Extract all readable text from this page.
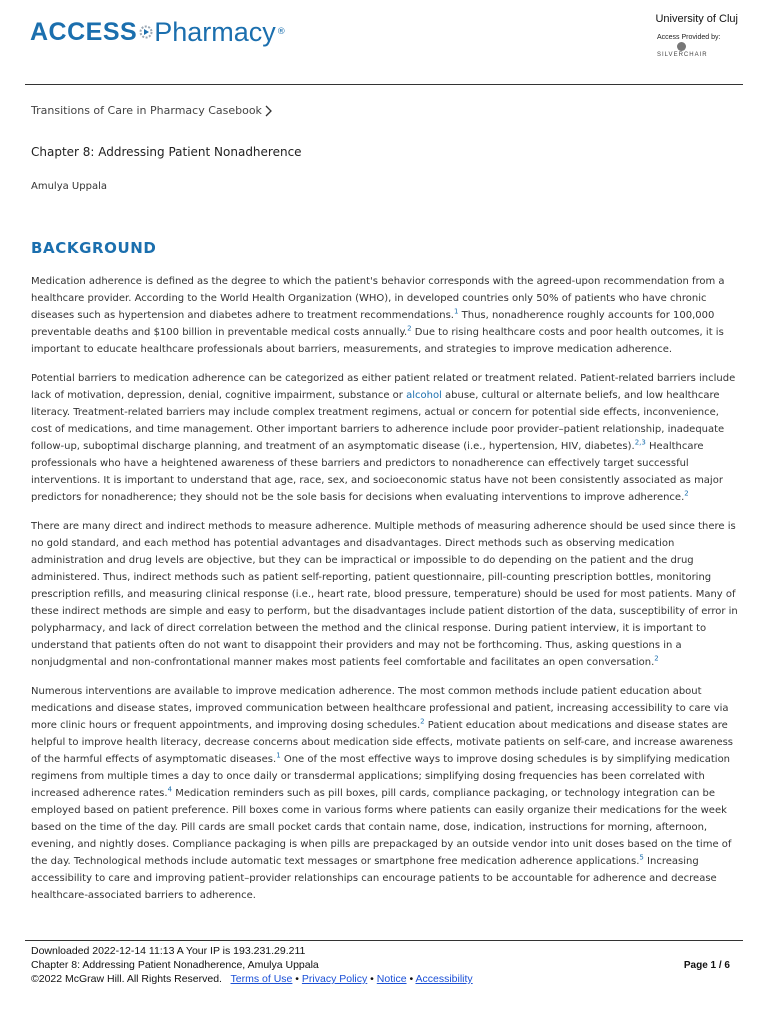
ACCESS Pharmacy ®
University of Cluj
Access Provided by:
SILVERCHAIR
Transitions of Care in Pharmacy Casebook
Chapter 8: Addressing Patient Nonadherence
Amulya Uppala
BACKGROUND

Medication adherence is defined as the degree to which the patient's behavior corresponds with the agreed-upon recommendation from a healthcare provider. According to the World Health Organization (WHO), in developed countries only 50% of patients who have chronic diseases such as hypertension and diabetes adhere to treatment recommendations.$^1$ Thus, nonadherence roughly accounts for 100,000 preventable deaths and $100 billion in preventable medical costs annually.$^2$ Due to rising healthcare costs and poor health outcomes, it is important to educate healthcare professionals about barriers, measurements, and strategies to improve medication adherence.

Potential barriers to medication adherence can be categorized as either patient related or treatment related. Patient-related barriers include lack of motivation, depression, denial, cognitive impairment, substance or alcohol abuse, cultural or alternate beliefs, and low healthcare literacy. Treatment-related barriers may include complex treatment regimens, actual or concern for potential side effects, inconvenience, cost of medications, and time management. Other important barriers to adherence include poor provider–patient relationship, inadequate follow-up, suboptimal discharge planning, and treatment of an asymptomatic disease (i.e., hypertension, HIV, diabetes).$^{2,3}$ Healthcare professionals who have a heightened awareness of these barriers and predictors to nonadherence can effectively target successful interventions. It is important to understand that age, race, sex, and socioeconomic status have not been consistently associated as major predictors for nonadherence; they should not be the sole basis for decisions when evaluating interventions to improve adherence.$^2$

There are many direct and indirect methods to measure adherence. Multiple methods of measuring adherence should be used since there is no gold standard, and each method has potential advantages and disadvantages. Direct methods such as observing medication administration and drug levels are objective, but they can be impractical or impossible to do depending on the patient and the drug administered. Thus, indirect methods such as patient self-reporting, patient questionnaire, pill-counting prescription bottles, monitoring prescription refills, and measuring clinical response (i.e., heart rate, blood pressure, temperature) should be used for most patients. Many of these indirect methods are simple and easy to perform, but the disadvantages include patient distortion of the data, susceptibility of error in polypharmacy, and lack of direct correlation between the method and the clinical response. During patient interview, it is important to understand that patients often do not want to disappoint their providers and may not be forthcoming. Thus, asking questions in a nonjudgmental and non-confrontational manner makes most patients feel comfortable and facilitates an open conversation.$^2$

Numerous interventions are available to improve medication adherence. The most common methods include patient education about medications and disease states, improved communication between healthcare professional and patient, increasing accessibility to care via more clinic hours or frequent appointments, and improving dosing schedules.$^2$ Patient education about medications and disease states are helpful to improve health literacy, decrease concerns about medication side effects, motivate patients on self-care, and increase awareness of the harmful effects of asymptomatic diseases.$^1$ One of the most effective ways to improve dosing schedules is by simplifying medication regimens from multiple times a day to once daily or transdermal applications; simplifying dosing frequencies has been correlated with increased adherence rates.$^4$ Medication reminders such as pill boxes, pill cards, compliance packaging, or technology integration can be employed based on patient preference. Pill boxes come in various forms where patients can easily organize their medications for the week based on the time of the day. Pill cards are small pocket cards that contain name, dose, indication, instructions for morning, afternoon, evening, and nightly doses. Compliance packaging is when pills are prepackaged by an outside vendor into unit doses based on the time of the day. Technological methods include automatic text messages or smartphone free medication adherence applications.$^5$ Increasing accessibility to care and improving patient–provider relationships can encourage patients to be accountable for adherence and decrease healthcare-associated barriers to adherence.

Downloaded 2022-12-14 11:13 A Your IP is 193.231.29.211
Chapter 8: Addressing Patient Nonadherence, Amulya Uppala
©2022 McGraw Hill. All Rights Reserved. Terms of Use • Privacy Policy • Notice • Accessibility
Page 1 / 6
